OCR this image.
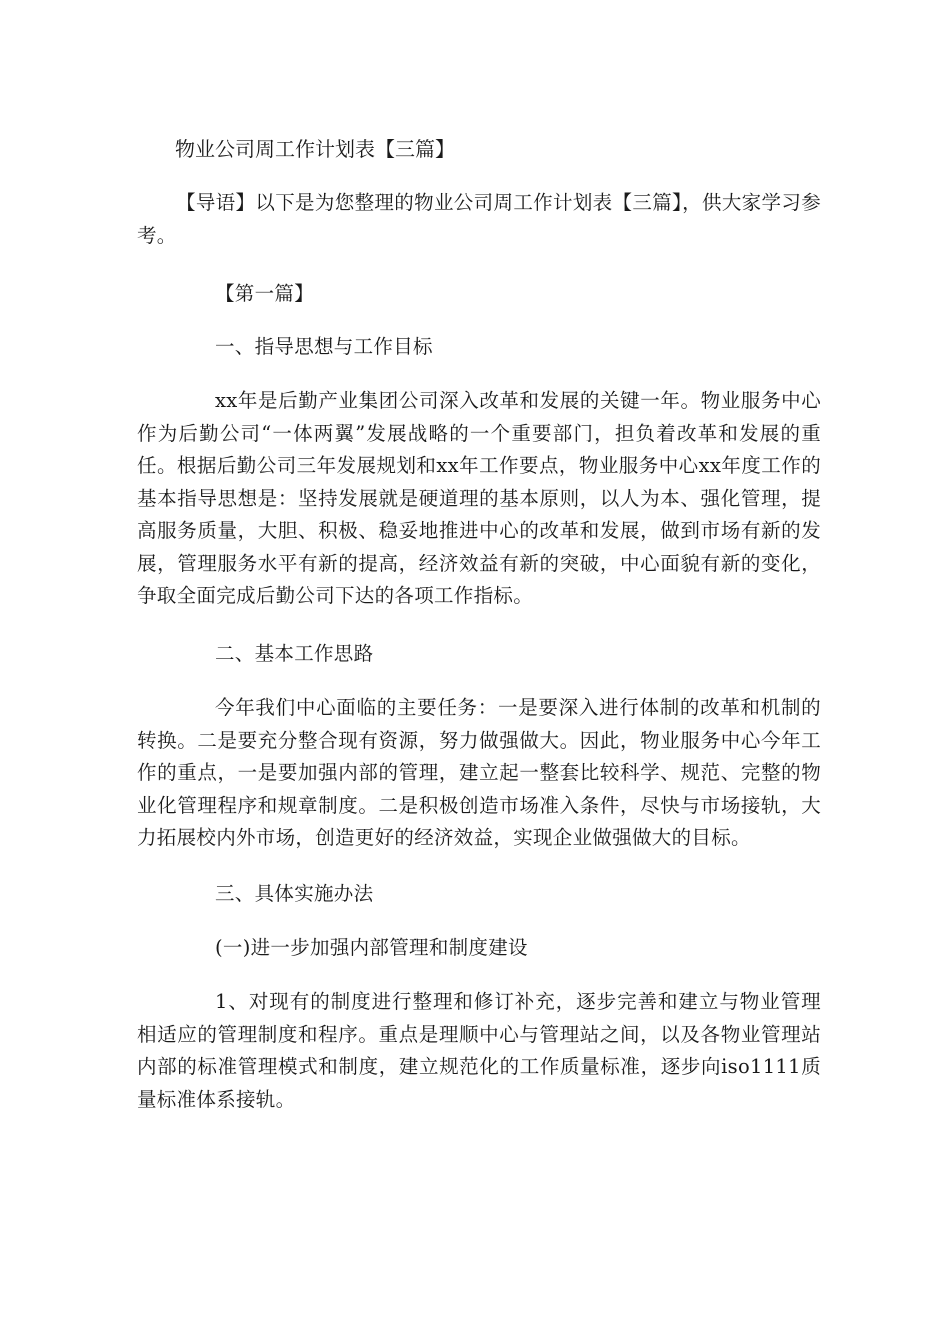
物业公司周工作计划表【三篇】
【导语】以下是为您整理的物业公司周工作计划表【三篇】，供大家学习参考。
【第一篇】
一、指导思想与工作目标
xx年是后勤产业集团公司深入改革和发展的关键一年。物业服务中心作为后勤公司“一体两翼”发展战略的一个重要部门，担负着改革和发展的重任。根据后勤公司三年发展规划和xx年工作要点，物业服务中心xx年度工作的基本指导思想是：坚持发展就是硬道理的基本原则，以人为本、强化管理，提高服务质量，大胆、积极、稳妥地推进中心的改革和发展，做到市场有新的发展，管理服务水平有新的提高，经济效益有新的突破，中心面貌有新的变化，争取全面完成后勤公司下达的各项工作指标。
二、基本工作思路
今年我们中心面临的主要任务：一是要深入进行体制的改革和机制的转换。二是要充分整合现有资源，努力做强做大。因此，物业服务中心今年工作的重点，一是要加强内部的管理，建立起一整套比较科学、规范、完整的物业化管理程序和规章制度。二是积极创造市场准入条件，尽快与市场接轨，大力拓展校内外市场，创造更好的经济效益，实现企业做强做大的目标。
三、具体实施办法
(一)进一步加强内部管理和制度建设
1、对现有的制度进行整理和修订补充，逐步完善和建立与物业管理相适应的管理制度和程序。重点是理顺中心与管理站之间，以及各物业管理站内部的标准管理模式和制度，建立规范化的工作质量标准，逐步向iso1111质量标准体系接轨。
